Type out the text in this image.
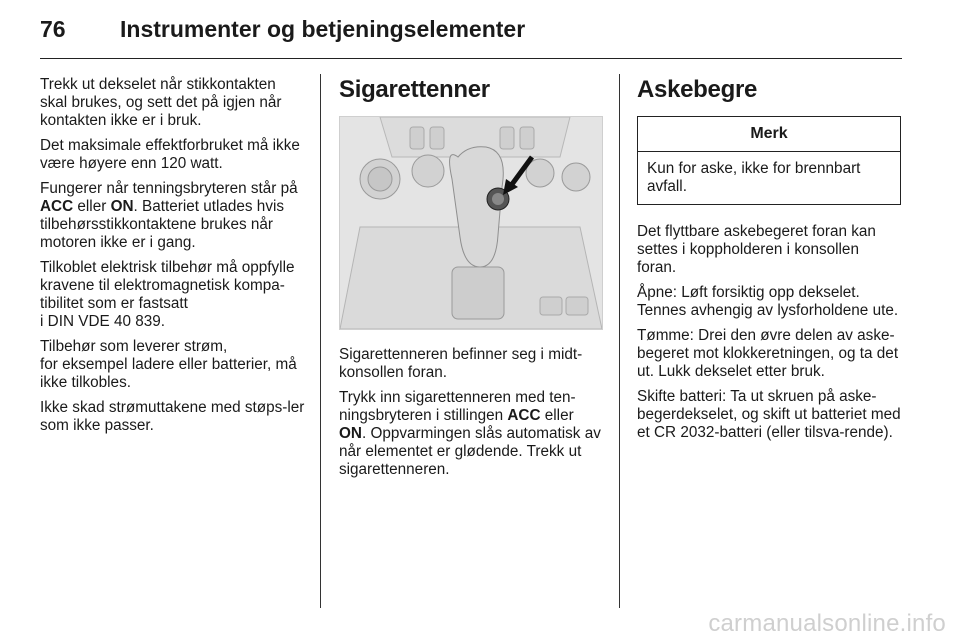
76 Instrumenter og betjeningselementer

Trekk ut dekselet når stikkontakten skal brukes, og sett det på igjen når kontakten ikke er i bruk.

Det maksimale effektforbruket må ikke være høyere enn 120 watt.

Fungerer når tenningsbryteren står på ACC eller ON. Batteriet utlades hvis tilbehørsstikkontaktene brukes når motoren ikke er i gang.

Tilkoblet elektrisk tilbehør må oppfylle kravene til elektromagnetisk kompa-tibilitet som er fastsatt
i DIN VDE 40 839.

Tilbehør som leverer strøm,
for eksempel ladere eller batterier, må ikke tilkobles.

Ikke skad strømuttakene med støps-ler som ikke passer.

Sigarettenner

Sigarettenneren befinner seg i midt-konsollen foran.

Trykk inn sigarettenneren med ten-ningsbryteren i stillingen ACC eller ON. Oppvarmingen slås automatisk av når elementet er glødende. Trekk ut sigarettenneren.

Askebegre
Merk
Kun for aske, ikke for brennbart avfall.

Det flyttbare askebegeret foran kan settes i koppholderen i konsollen foran.

Åpne: Løft forsiktig opp dekselet. Tennes avhengig av lysforholdene ute.

Tømme: Drei den øvre delen av aske-begeret mot klokkeretningen, og ta det ut. Lukk dekselet etter bruk.

Skifte batteri: Ta ut skruen på aske-begerdekselet, og skift ut batteriet med et CR 2032-batteri (eller tilsva-rende).

carmanualsonline.info
